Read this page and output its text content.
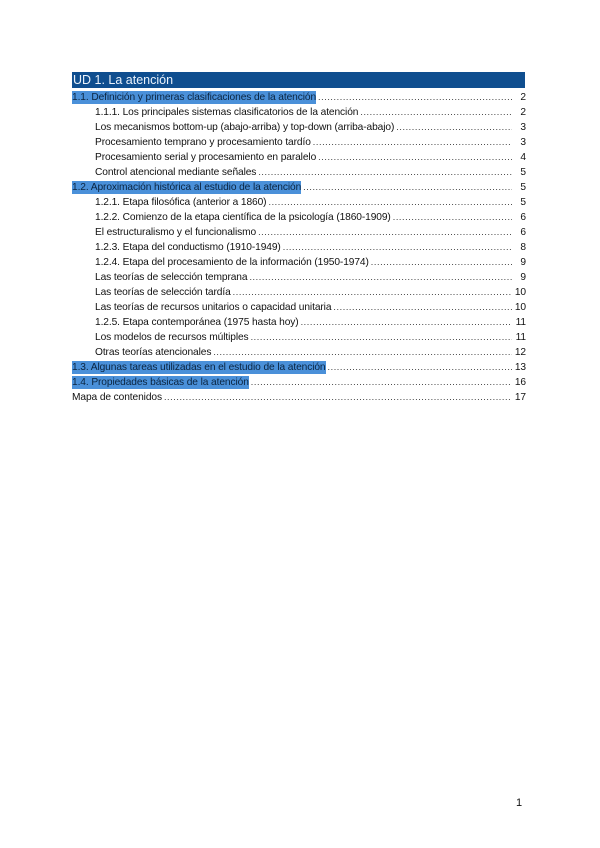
UD 1. La atención
1.1. Definición y primeras clasificaciones de la atención .....	2
1.1.1. Los principales sistemas clasificatorios de la atención .....	2
Los mecanismos bottom-up (abajo-arriba) y top-down (arriba-abajo) .....	3
Procesamiento temprano y procesamiento tardío .....	3
Procesamiento serial y procesamiento en paralelo .....	4
Control atencional mediante señales .....	5
1.2. Aproximación histórica al estudio de la atención .....	5
1.2.1. Etapa filosófica (anterior a 1860) .....	5
1.2.2. Comienzo de la etapa científica de la psicología (1860-1909) .....	6
El estructuralismo y el funcionalismo .....	6
1.2.3. Etapa del conductismo (1910-1949) .....	8
1.2.4. Etapa del procesamiento de la información (1950-1974) .....	9
Las teorías de selección temprana .....	9
Las teorías de selección tardía .....	10
Las teorías de recursos unitarios o capacidad unitaria .....	10
1.2.5. Etapa contemporánea (1975 hasta hoy) .....	11
Los modelos de recursos múltiples .....	11
Otras teorías atencionales .....	12
1.3. Algunas tareas utilizadas en el estudio de la atención .....	13
1.4. Propiedades básicas de la atención .....	16
Mapa de contenidos .....	17
1
